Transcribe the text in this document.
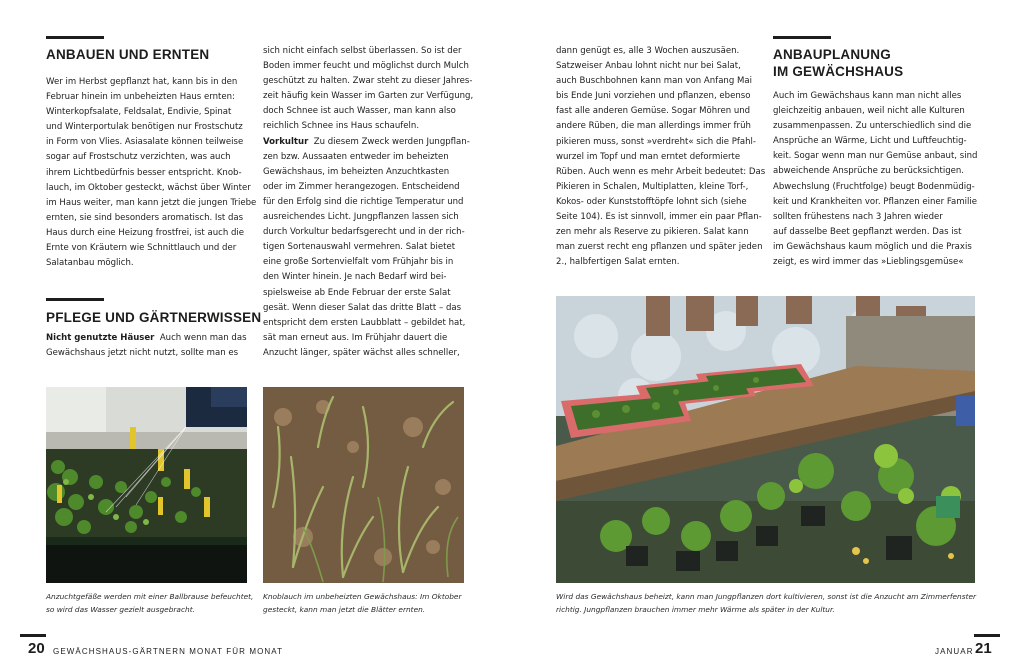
ANBAUEN UND ERNTEN
Wer im Herbst gepflanzt hat, kann bis in den
Februar hinein im unbeheizten Haus ernten:
Winterkopfsalate, Feldsalat, Endivie, Spinat
und Winterportulak benötigen nur Frostschutz
in Form von Vlies. Asiasalate können teilweise
sogar auf Frostschutz verzichten, was auch
ihrem Lichtbedürfnis besser entspricht. Knob-
lauch, im Oktober gesteckt, wächst über Winter
im Haus weiter, man kann jetzt die jungen Triebe
ernten, sie sind besonders aromatisch. Ist das
Haus durch eine Heizung frostfrei, ist auch die
Ernte von Kräutern wie Schnittlauch und der
Salatanbau möglich.
PFLEGE UND GÄRTNERWISSEN
Nicht genutzte Häuser  Auch wenn man das
Gewächshaus jetzt nicht nutzt, sollte man es
sich nicht einfach selbst überlassen. So ist der
Boden immer feucht und möglichst durch Mulch
geschützt zu halten. Zwar steht zu dieser Jahres-
zeit häufig kein Wasser im Garten zur Verfügung,
doch Schnee ist auch Wasser, man kann also
reichlich Schnee ins Haus schaufeln.
Vorkultur  Zu diesem Zweck werden Jungpflan-
zen bzw. Aussaaten entweder im beheizten
Gewächshaus, im beheizten Anzuchtkasten
oder im Zimmer herangezogen. Entscheidend
für den Erfolg sind die richtige Temperatur und
ausreichendes Licht. Jungpflanzen lassen sich
durch Vorkultur bedarfsgerecht und in der rich-
tigen Sortenauswahl vermehren. Salat bietet
eine große Sortenvielfalt vom Frühjahr bis in
den Winter hinein. Je nach Bedarf wird bei-
spielsweise ab Ende Februar der erste Salat
gesät. Wenn dieser Salat das dritte Blatt – das
entspricht dem ersten Laubblatt – gebildet hat,
sät man erneut aus. Im Frühjahr dauert die
Anzucht länger, später wächst alles schneller,
Anzuchtgefäße werden mit einer Ballbrause befeuchtet,
so wird das Wasser gezielt ausgebracht.
Knoblauch im unbeheizten Gewächshaus: Im Oktober
gesteckt, kann man jetzt die Blätter ernten.
20 GEWÄCHSHAUS-GÄRTNERN MONAT FÜR MONAT
dann genügt es, alle 3 Wochen auszusäen.
Satzweiser Anbau lohnt nicht nur bei Salat,
auch Buschbohnen kann man von Anfang Mai
bis Ende Juni vorziehen und pflanzen, ebenso
fast alle anderen Gemüse. Sogar Möhren und
andere Rüben, die man allerdings immer früh
pikieren muss, sonst »verdreht« sich die Pfahl-
wurzel im Topf und man erntet deformierte
Rüben. Auch wenn es mehr Arbeit bedeutet: Das
Pikieren in Schalen, Multiplatten, kleine Torf-,
Kokos- oder Kunststofftöpfe lohnt sich (siehe
Seite 104). Es ist sinnvoll, immer ein paar Pflan-
zen mehr als Reserve zu pikieren. Salat kann
man zuerst recht eng pflanzen und später jeden
2., halbfertigen Salat ernten.
ANBAUPLANUNG
IM GEWÄCHSHAUS
Auch im Gewächshaus kann man nicht alles
gleichzeitig anbauen, weil nicht alle Kulturen
zusammenpassen. Zu unterschiedlich sind die
Ansprüche an Wärme, Licht und Luftfeuchtig-
keit. Sogar wenn man nur Gemüse anbaut, sind
abweichende Ansprüche zu berücksichtigen.
Abwechslung (Fruchtfolge) beugt Bodenmüdig-
keit und Krankheiten vor. Pflanzen einer Familie
sollten frühestens nach 3 Jahren wieder
auf dasselbe Beet gepflanzt werden. Das ist
im Gewächshaus kaum möglich und die Praxis
zeigt, es wird immer das »Lieblingsgemüse«
Wird das Gewächshaus beheizt, kann man Jungpflanzen dort kultivieren, sonst ist die Anzucht am Zimmerfenster
richtig. Jungpflanzen brauchen immer mehr Wärme als später in der Kultur.
JANUAR 21
